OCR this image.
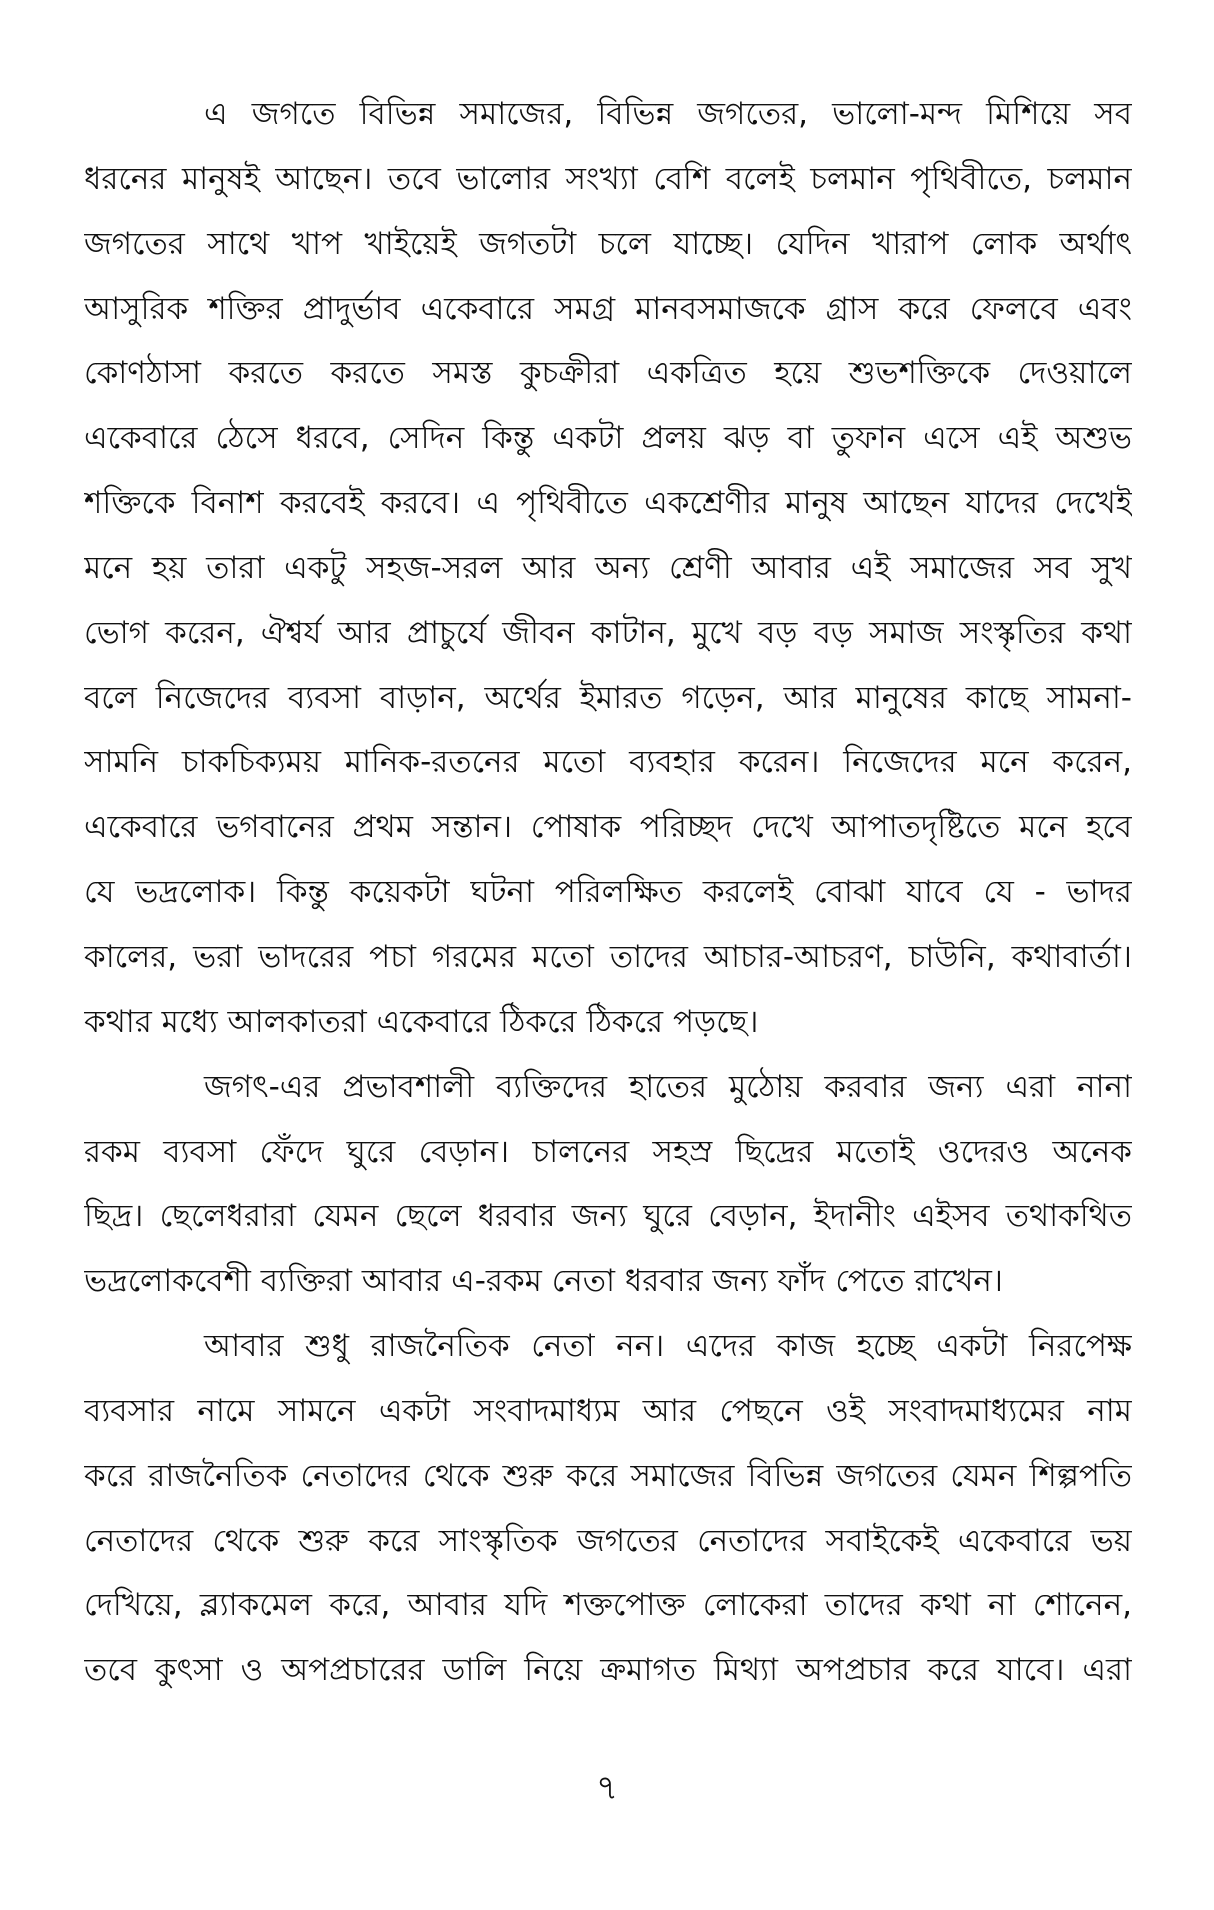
এ জগতে বিভিন্ন সমাজের, বিভিন্ন জগতের, ভালো-মন্দ মিশিয়ে সব
ধরনের মানুষই আছেন। তবে ভালোর সংখ্যা বেশি বলেই চলমান পৃথিবীতে, চলমান
জগতের সাথে খাপ খাইয়েই জগতটা চলে যাচ্ছে। যেদিন খারাপ লোক অর্থাৎ
আসুরিক শক্তির প্রাদুর্ভাব একেবারে সমগ্র মানবসমাজকে গ্রাস করে ফেলবে এবং
কোণঠাসা করতে করতে সমস্ত কুচক্রীরা একত্রিত হয়ে শুভশক্তিকে দেওয়ালে
একেবারে ঠেসে ধরবে, সেদিন কিন্তু একটা প্রলয় ঝড় বা তুফান এসে এই অশুভ
শক্তিকে বিনাশ করবেই করবে। এ পৃথিবীতে একশ্রেণীর মানুষ আছেন যাদের দেখেই
মনে হয় তারা একটু সহজ-সরল আর অন্য শ্রেণী আবার এই সমাজের সব সুখ
ভোগ করেন, ঐশ্বর্য আর প্রাচুর্যে জীবন কাটান, মুখে বড় বড় সমাজ সংস্কৃতির কথা
বলে নিজেদের ব্যবসা বাড়ান, অর্থের ইমারত গড়েন, আর মানুষের কাছে সামনা-
সামনি চাকচিক্যময় মানিক-রতনের মতো ব্যবহার করেন। নিজেদের মনে করেন,
একেবারে ভগবানের প্রথম সন্তান। পোষাক পরিচ্ছদ দেখে আপাতদৃষ্টিতে মনে হবে
যে ভদ্রলোক। কিন্তু কয়েকটা ঘটনা পরিলক্ষিত করলেই বোঝা যাবে যে - ভাদর
কালের, ভরা ভাদরের পচা গরমের মতো তাদের আচার-আচরণ, চাউনি, কথাবার্তা।
কথার মধ্যে আলকাতরা একেবারে ঠিকরে ঠিকরে পড়ছে।
জগৎ-এর প্রভাবশালী ব্যক্তিদের হাতের মুঠোয় করবার জন্য এরা নানা
রকম ব্যবসা ফেঁদে ঘুরে বেড়ান। চালনের সহস্র ছিদ্রের মতোই ওদেরও অনেক
ছিদ্র। ছেলেধরারা যেমন ছেলে ধরবার জন্য ঘুরে বেড়ান, ইদানীং এইসব তথাকথিত
ভদ্রলোকবেশী ব্যক্তিরা আবার এ-রকম নেতা ধরবার জন্য ফাঁদ পেতে রাখেন।
আবার শুধু রাজনৈতিক নেতা নন। এদের কাজ হচ্ছে একটা নিরপেক্ষ
ব্যবসার নামে সামনে একটা সংবাদমাধ্যম আর পেছনে ওই সংবাদমাধ্যমের নাম
করে রাজনৈতিক নেতাদের থেকে শুরু করে সমাজের বিভিন্ন জগতের যেমন শিল্পপতি
নেতাদের থেকে শুরু করে সাংস্কৃতিক জগতের নেতাদের সবাইকেই একেবারে ভয়
দেখিয়ে, ব্ল্যাকমেল করে, আবার যদি শক্তপোক্ত লোকেরা তাদের কথা না শোনেন,
তবে কুৎসা ও অপপ্রচারের ডালি নিয়ে ক্রমাগত মিথ্যা অপপ্রচার করে যাবে। এরা
৭
